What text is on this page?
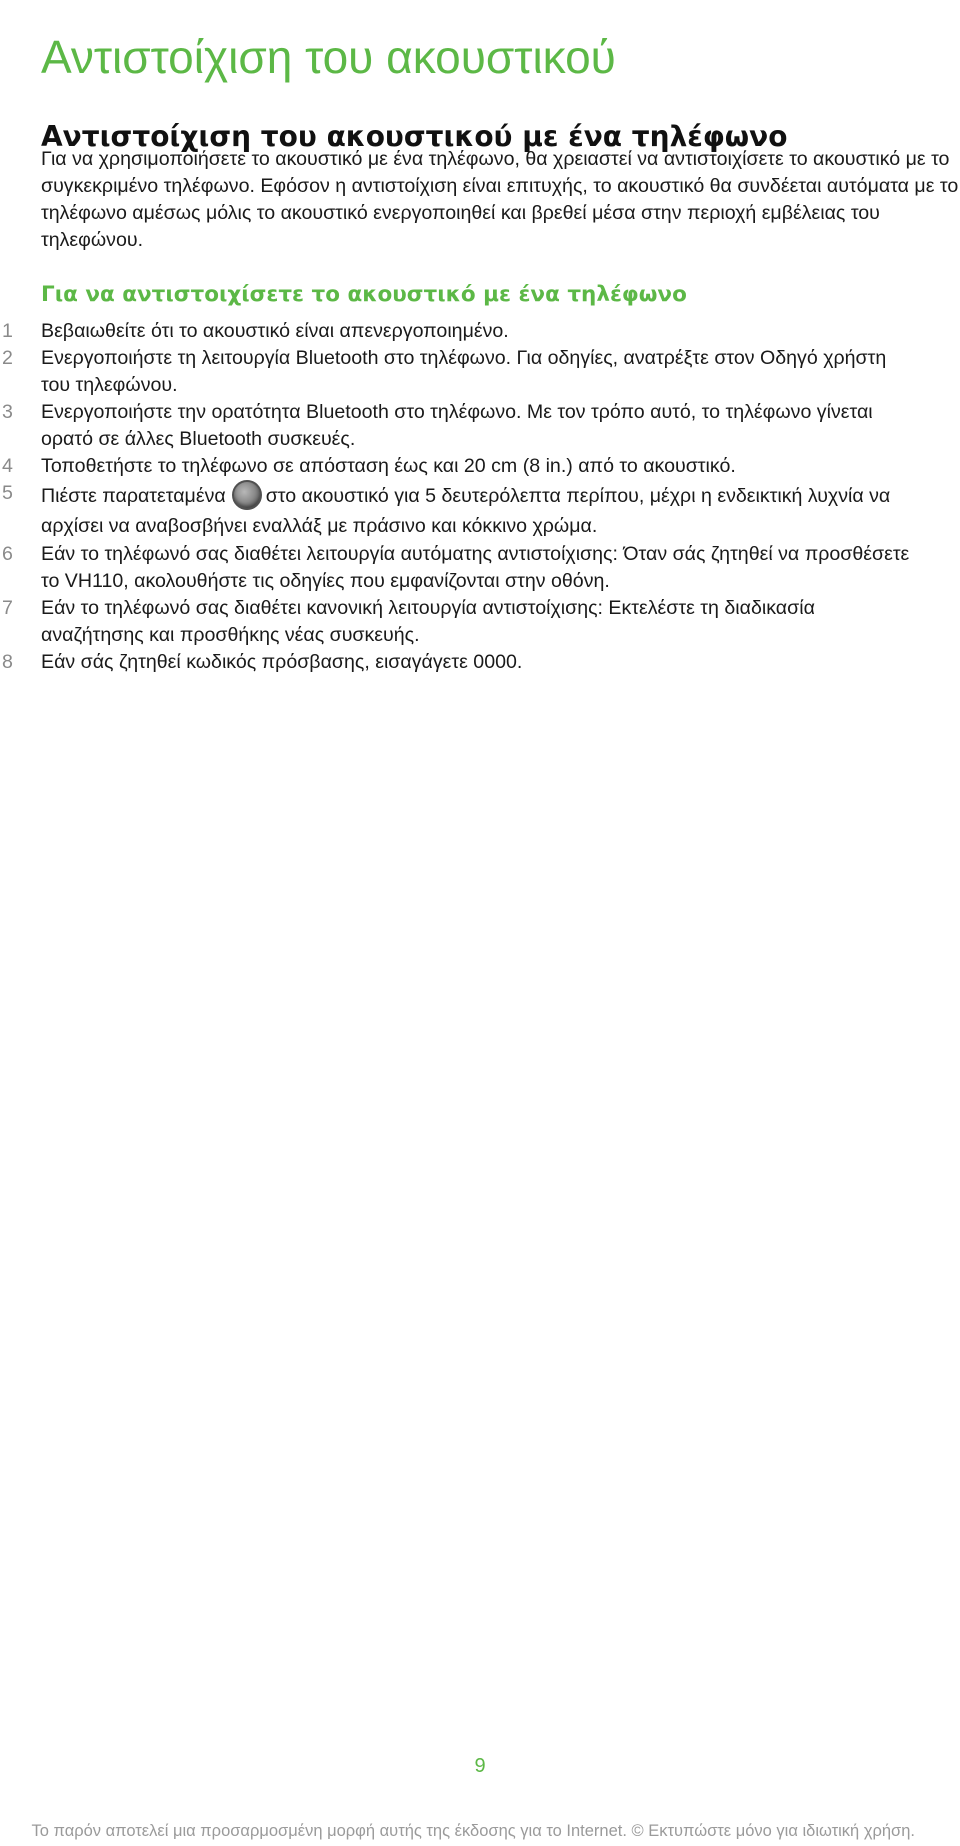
Αντιστοίχιση του ακουστικού
Αντιστοίχιση του ακουστικού με ένα τηλέφωνο

Για να χρησιμοποιήσετε το ακουστικό με ένα τηλέφωνο, θα χρειαστεί να αντιστοιχίσετε το ακουστικό με το συγκεκριμένο τηλέφωνο. Εφόσον η αντιστοίχιση είναι επιτυχής, το ακουστικό θα συνδέεται αυτόματα με το τηλέφωνο αμέσως μόλις το ακουστικό ενεργοποιηθεί και βρεθεί μέσα στην περιοχή εμβέλειας του τηλεφώνου.

Για να αντιστοιχίσετε το ακουστικό με ένα τηλέφωνο
1	Βεβαιωθείτε ότι το ακουστικό είναι απενεργοποιημένο.
2	Ενεργοποιήστε τη λειτουργία Bluetooth στο τηλέφωνο. Για οδηγίες, ανατρέξτε στον Οδηγό χρήστη του τηλεφώνου.
3	Ενεργοποιήστε την ορατότητα Bluetooth στο τηλέφωνο. Με τον τρόπο αυτό, το τηλέφωνο γίνεται ορατό σε άλλες Bluetooth συσκευές.
4	Τοποθετήστε το τηλέφωνο σε απόσταση έως και 20 cm (8 in.) από το ακουστικό.
5	Πιέστε παρατεταμένα στο ακουστικό για 5 δευτερόλεπτα περίπου, μέχρι η ενδεικτική λυχνία να αρχίσει να αναβοσβήνει εναλλάξ με πράσινο και κόκκινο χρώμα.
6	Εάν το τηλέφωνό σας διαθέτει λειτουργία αυτόματης αντιστοίχισης: Όταν σάς ζητηθεί να προσθέσετε το VH110, ακολουθήστε τις οδηγίες που εμφανίζονται στην οθόνη.
7	Εάν το τηλέφωνό σας διαθέτει κανονική λειτουργία αντιστοίχισης: Εκτελέστε τη διαδικασία αναζήτησης και προσθήκης νέας συσκευής.
8	Εάν σάς ζητηθεί κωδικός πρόσβασης, εισαγάγετε 0000.
9
Το παρόν αποτελεί μια προσαρμοσμένη μορφή αυτής της έκδοσης για το Internet. © Εκτυπώστε μόνο για ιδιωτική χρήση.
